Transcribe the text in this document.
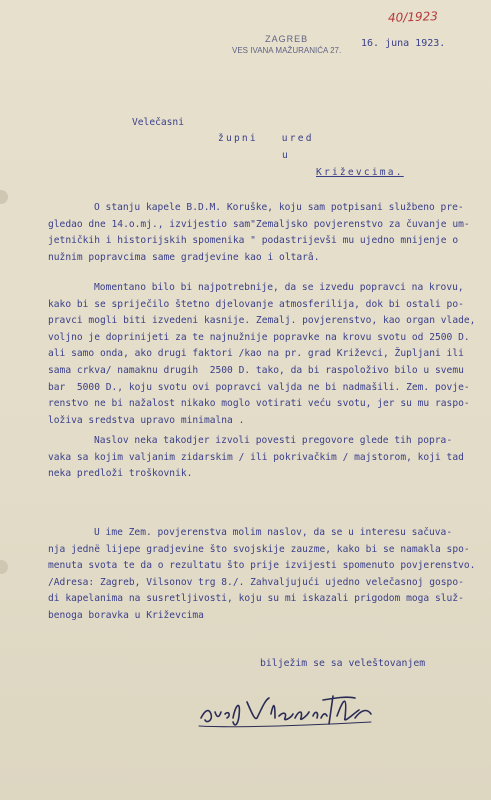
ZAGREB
VES IVANA MAŽURANIĆA 27.
40/1923
16. juna 1923.
Velečasni
župni   ured
u
Križevcima.
O stanju kapele B.D.M. Koruške, koju sam potpisani službeno pre-
gledao dne 14.o.mj., izvijestio sam"Zemaljsko povjerenstvo za čuvanje um-
jetničkih i historijskih spomenika " podastrijevši mu ujedno mnijenje o
nužnim popravcima same gradjevine kao i oltarâ.
Momentano bilo bi najpotrebnije, da se izvedu popravci na krovu,
kako bi se spriječilo štetno djelovanje atmosferilija, dok bi ostali po-
pravci mogli biti izvedeni kasnije. Zemalj. povjerenstvo, kao organ vlade,
voljno je doprinijeti za te najnužnije popravke na krovu svotu od 2500 D.
ali samo onda, ako drugi faktori /kao na pr. grad Križevci, Župljani ili
sama crkva/ namaknu drugih  2500 D. tako, da bi raspoloživo bilo u svemu
bar  5000 D., koju svotu ovi popravci valjda ne bi nadmašili. Zem. povje-
renstvo ne bi nažalost nikako moglo votirati veću svotu, jer su mu raspo-
loživa sredstva upravo minimalna .
Naslov neka takodjer izvoli povesti pregovore glede tih popra-
vaka sa kojim valjanim zidarskim / ili pokrivačkim / majstorom, koji tad
neka predloži troškovnik.
U ime Zem. povjerenstva molim naslov, da se u interesu sačuva-
nja jednë lijepe gradjevine što svojskije zauzme, kako bi se namakla spo-
menuta svota te da o rezultatu što prije izvijesti spomenuto povjerenstvo.
/Adresa: Zagreb, Vilsonov trg 8./. Zahvaljujući ujedno velečasnoj gospo-
di kapelanima na susretljivosti, koju su mi iskazali prigodom moga služ-
benoga boravka u Križevcima
bilježim se sa veleštovanjem
